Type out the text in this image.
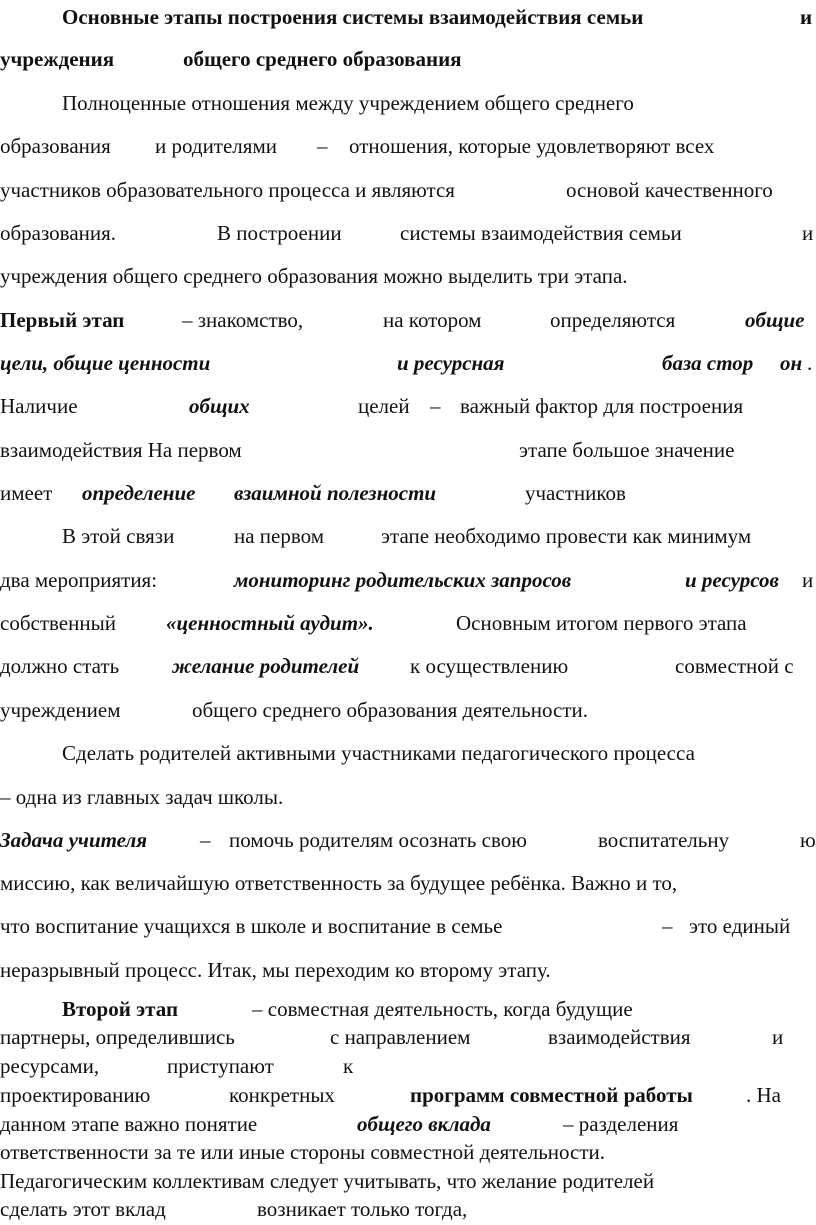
Основные этапы построения системы взаимодействия семьи	и
учреждения	общего среднего образования
Полноценные отношения между учреждением общего среднего
образования и родителями – отношения, которые удовлетворяют всех
участников образовательного процесса и являются	основой качественного
образования.	В построении	системы взаимодействия семьи	и
учреждения общего среднего образования можно выделить три этапа.
Первый этап	– знакомство,	на котором	определяются	общие
цели, общие ценности	и ресурсная	база стор он .
Наличие	общих	целей – важный фактор для построения
взаимодействия На первом	этапе большое значение
имеет определение взаимной полезности	участников
В этой связи	на первом	этапе необходимо провести как минимум
два мероприятия:	мониторинг родительских запросов	и ресурсов и
собственный «ценностный аудит».	Основным итогом первого этапа
должно стать	желание родителей к осуществлению	совместной с
учреждением	общего среднего образования деятельности.
Сделать родителей активными участниками педагогического процесса
– одна из главных задач школы.
Задача учителя	– помочь родителям осознать свою	воспитательну	ю
миссию, как величайшую ответственность за будущее ребёнка. Важно и то,
что воспитание учащихся в школе и воспитание в семье	– это единый
неразрывный процесс. Итак, мы переходим ко второму этапу.
Второй этап	– совместная деятельность, когда будущие
партнеры, определившись	с направлением	взаимодействия	и
ресурсами,	приступают	к
проектированию	конкретных	программ совместной работы	. На
данном этапе важно понятие	общего вклада	– разделения
ответственности за те или иные стороны совместной деятельности.
Педагогическим коллективам следует учитывать, что желание родителей
сделать этот вклад	возникает только тогда,
